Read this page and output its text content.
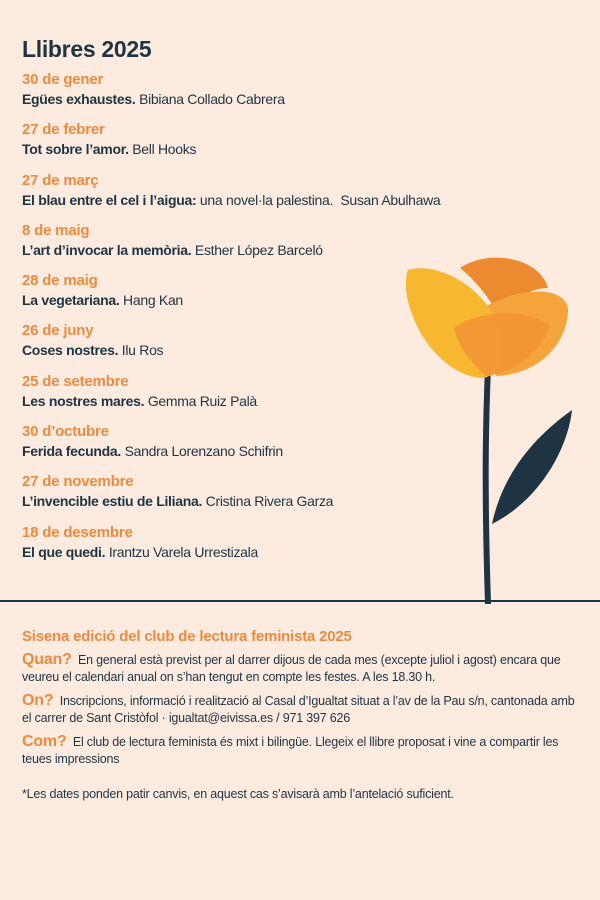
Llibres 2025
30 de gener
Egües exhaustes. Bibiana Collado Cabrera
27 de febrer
Tot sobre l’amor. Bell Hooks
27 de març
El blau entre el cel i l’aigua: una novel·la palestina. Susan Abulhawa
8 de maig
L’art d’invocar la memòria. Esther López Barceló
28 de maig
La vegetariana. Hang Kan
26 de juny
Coses nostres. Ilu Ros
25 de setembre
Les nostres mares. Gemma Ruiz Palà
30 d’octubre
Ferida fecunda. Sandra Lorenzano Schifrin
27 de novembre
L’invencible estiu de Liliana. Cristina Rivera Garza
18 de desembre
El que quedi. Irantzu Varela Urrestizala
Sisena edició del club de lectura feminista 2025
Quan? En general està previst per al darrer dijous de cada mes (excepte juliol i agost) encara que veureu el calendari anual on s’han tengut en compte les festes. A les 18.30 h.
On? Inscripcions, informació i realització al Casal d’Igualtat situat a l’av de la Pau s/n, cantonada amb el carrer de Sant Cristòfol · igualtat@eivissa.es / 971 397 626
Com? El club de lectura feminista és mixt i bilingüe. Llegeix el llibre proposat i vine a compartir les teues impressions
*Les dates ponden patir canvis, en aquest cas s’avisarà amb l’antelació suficient.
